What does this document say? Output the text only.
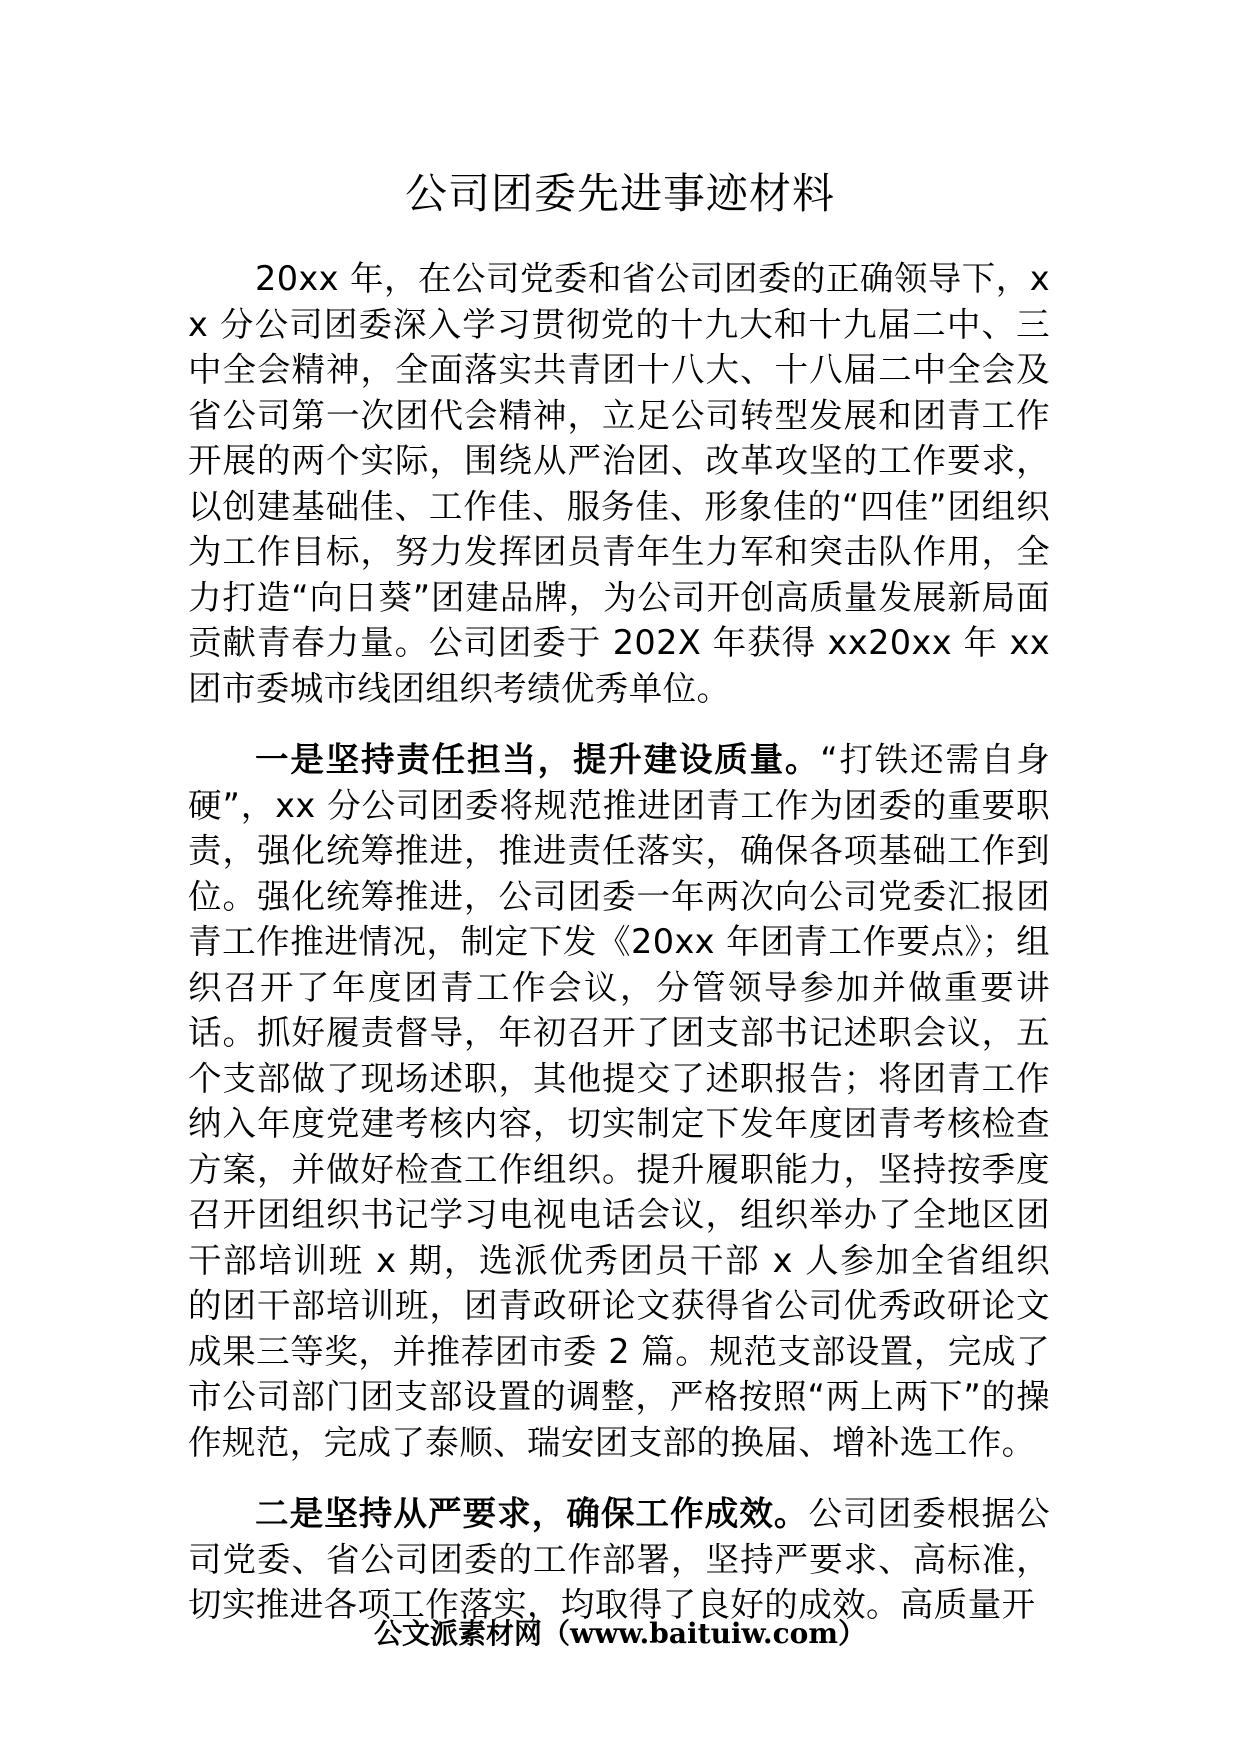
公司团委先进事迹材料

20xx 年，在公司党委和省公司团委的正确领导下，xx 分公司团委深入学习贯彻党的十九大和十九届二中、三中全会精神，全面落实共青团十八大、十八届二中全会及省公司第一次团代会精神，立足公司转型发展和团青工作开展的两个实际，围绕从严治团、改革攻坚的工作要求，以创建基础佳、工作佳、服务佳、形象佳的“四佳”团组织为工作目标，努力发挥团员青年生力军和突击队作用，全力打造“向日葵”团建品牌，为公司开创高质量发展新局面贡献青春力量。公司团委于 202X 年获得 xx20xx 年 xx 团市委城市线团组织考绩优秀单位。

一是坚持责任担当，提升建设质量。“打铁还需自身硬”，xx 分公司团委将规范推进团青工作为团委的重要职责，强化统筹推进，推进责任落实，确保各项基础工作到位。强化统筹推进，公司团委一年两次向公司党委汇报团青工作推进情况，制定下发《20xx 年团青工作要点》；组织召开了年度团青工作会议，分管领导参加并做重要讲话。抓好履责督导，年初召开了团支部书记述职会议，五个支部做了现场述职，其他提交了述职报告；将团青工作纳入年度党建考核内容，切实制定下发年度团青考核检查方案，并做好检查工作组织。提升履职能力，坚持按季度召开团组织书记学习电视电话会议，组织举办了全地区团干部培训班 x 期，选派优秀团员干部 x 人参加全省组织的团干部培训班，团青政研论文获得省公司优秀政研论文成果三等奖，并推荐团市委 2 篇。规范支部设置，完成了市公司部门团支部设置的调整，严格按照“两上两下”的操作规范，完成了泰顺、瑞安团支部的换届、增补选工作。

二是坚持从严要求，确保工作成效。公司团委根据公司党委、省公司团委的工作部署，坚持严要求、高标准，切实推进各项工作落实，均取得了良好的成效。高质量开

公文派素材网（www.baituiw.com）
